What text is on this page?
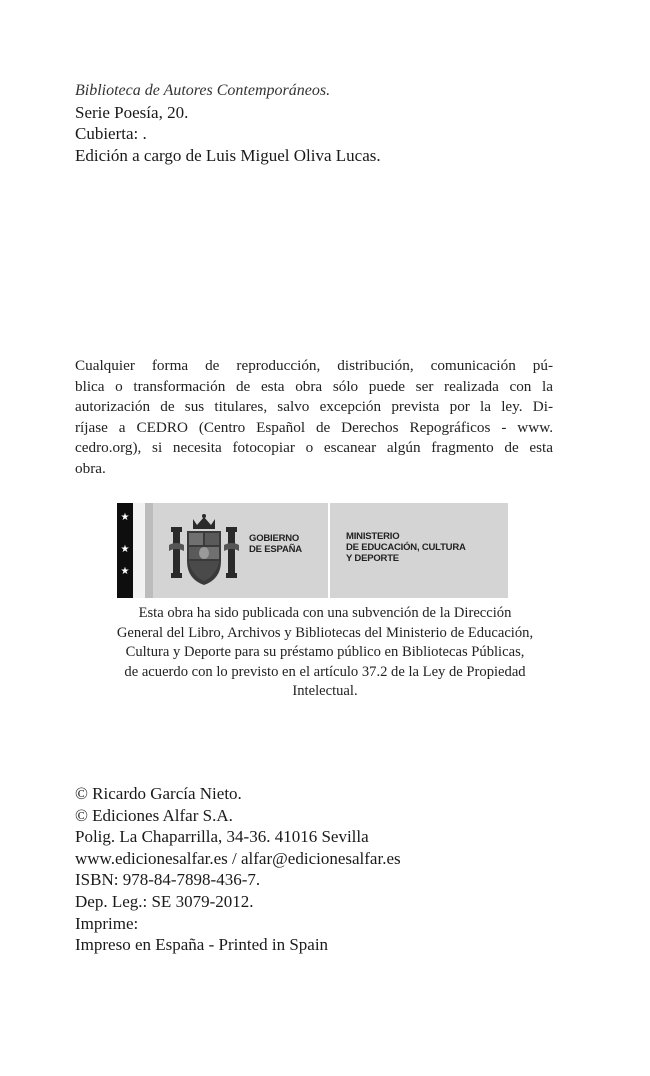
Biblioteca de Autores Contemporáneos.
Serie Poesía, 20.
Cubierta: .
Edición a cargo de Luis Miguel Oliva Lucas.
Cualquier forma de reproducción, distribución, comunicación pú-
blica o transformación de esta obra sólo puede ser realizada con la
autorización de sus titulares, salvo excepción prevista por la ley. Di-
ríjase a CEDRO (Centro Español de Derechos Repográficos - www.
cedro.org), si necesita fotocopiar o escanear algún fragmento de esta
obra.
★
★
★
GOBIERNO
DE ESPAÑA
MINISTERIO
DE EDUCACIÓN, CULTURA
Y DEPORTE
Esta obra ha sido publicada con una subvención de la Dirección
General del Libro, Archivos y Bibliotecas del Ministerio de Educación,
Cultura y Deporte para su préstamo público en Bibliotecas Públicas,
de acuerdo con lo previsto en el artículo 37.2 de la Ley de Propiedad
Intelectual.
© Ricardo García Nieto.
© Ediciones Alfar S.A.
Polig. La Chaparrilla, 34-36. 41016 Sevilla
www.edicionesalfar.es / alfar@edicionesalfar.es
ISBN: 978-84-7898-436-7.
Dep. Leg.: SE 3079-2012.
Imprime:
Impreso en España - Printed in Spain
